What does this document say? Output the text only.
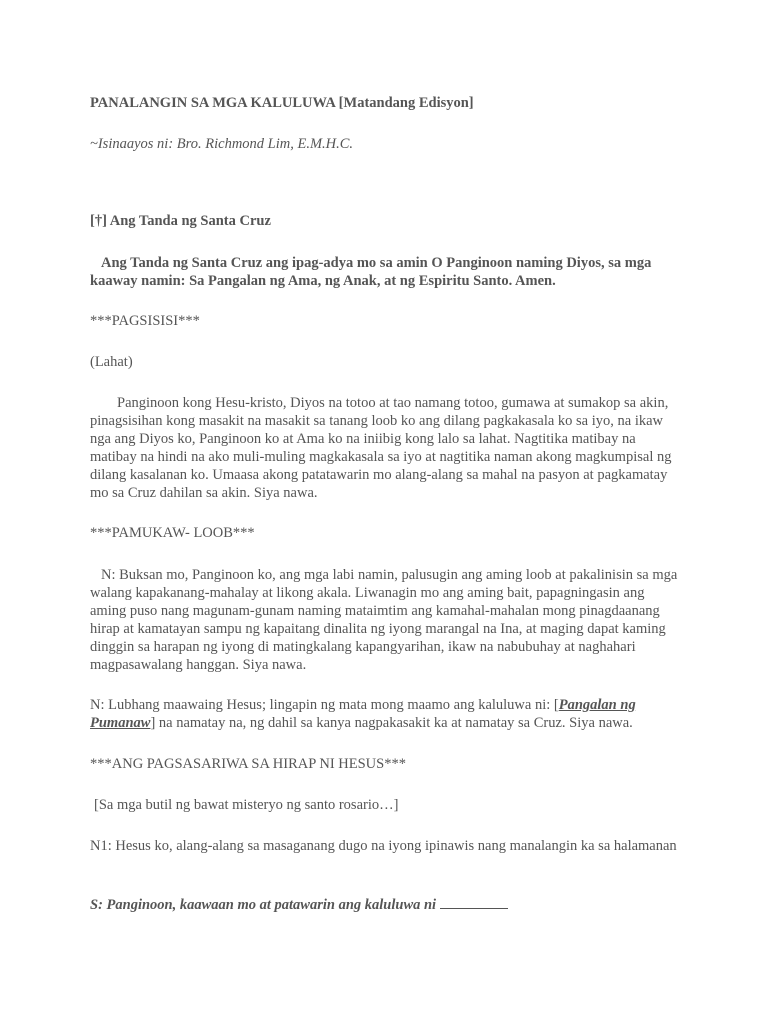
PANALANGIN SA MGA KALULUWA [Matandang Edisyon]

~Isinaayos ni: Bro. Richmond Lim, E.M.H.C.

[†] Ang Tanda ng Santa Cruz

Ang Tanda ng Santa Cruz ang ipag-adya mo sa amin O Panginoon naming Diyos, sa mga kaaway namin: Sa Pangalan ng Ama, ng Anak, at ng Espiritu Santo. Amen.

***PAGSISISI***

(Lahat)

Panginoon kong Hesu-kristo, Diyos na totoo at tao namang totoo, gumawa at sumakop sa akin, pinagsisihan kong masakit na masakit sa tanang loob ko ang dilang pagkakasala ko sa iyo, na ikaw nga ang Diyos ko, Panginoon ko at Ama ko na iniibig kong lalo sa lahat. Nagtitika matibay na matibay na hindi na ako muli-muling magkakasala sa iyo at nagtitika naman akong magkumpisal ng dilang kasalanan ko. Umaasa akong patatawarin mo alang-alang sa mahal na pasyon at pagkamatay mo sa Cruz dahilan sa akin. Siya nawa.

***PAMUKAW- LOOB***

N: Buksan mo, Panginoon ko, ang mga labi namin, palusugin ang aming loob at pakalinisin sa mga walang kapakanang-mahalay at likong akala. Liwanagin mo ang aming bait, papagningasin ang aming puso nang magunam-gunam naming mataimtim ang kamahal-mahalan mong pinagdaanang hirap at kamatayan sampu ng kapaitang dinalita ng iyong marangal na Ina, at maging dapat kaming dinggin sa harapan ng iyong di matingkalang kapangyarihan, ikaw na nabubuhay at naghahari magpasawalang hanggan. Siya nawa.

N: Lubhang maawaing Hesus; lingapin ng mata mong maamo ang kaluluwa ni: [Pangalan ng
Pumanaw] na namatay na, ng dahil sa kanya nagpakasakit ka at namatay sa Cruz. Siya nawa.

***ANG PAGSASARIWA SA HIRAP NI HESUS***

[Sa mga butil ng bawat misteryo ng santo rosario…]

N1: Hesus ko, alang-alang sa masaganang dugo na iyong ipinawis nang manalangin ka sa halamanan

S: Panginoon, kaawaan mo at patawarin ang kaluluwa ni
